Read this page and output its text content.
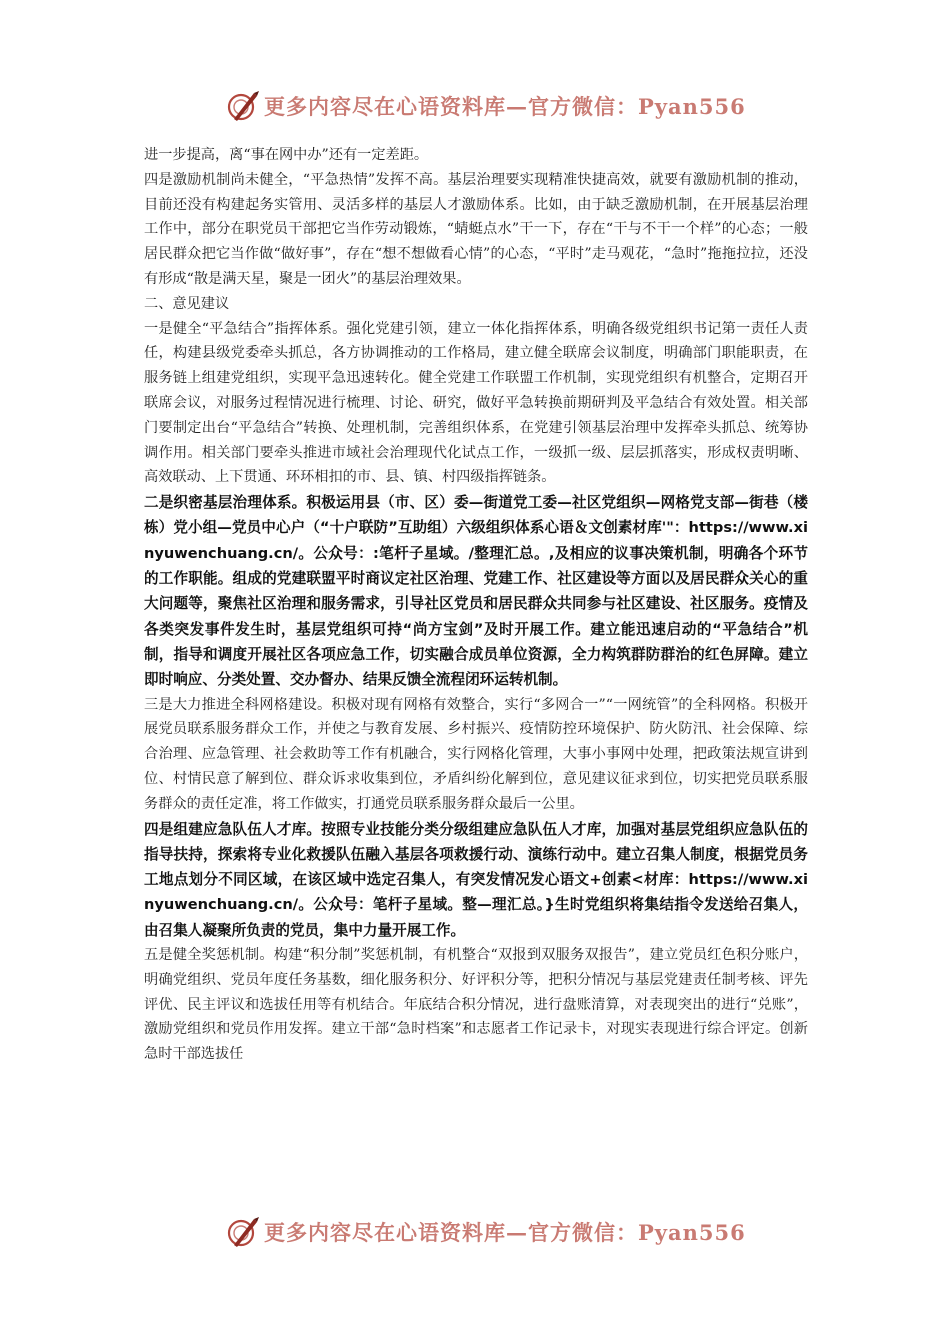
更多内容尽在心语资料库—官方微信：Pyan556

进一步提高，离“事在网中办”还有一定差距。

四是激励机制尚未健全，“平急热情”发挥不高。基层治理要实现精准快捷高效，就要有激励机制的推动，目前还没有构建起务实管用、灵活多样的基层人才激励体系。比如，由于缺乏激励机制，在开展基层治理工作中，部分在职党员干部把它当作劳动锻炼，“蜻蜓点水”干一下，存在“干与不干一个样”的心态；一般居民群众把它当作做“做好事”，存在“想不想做看心情”的心态，“平时”走马观花，“急时”拖拖拉拉，还没有形成“散是满天星，聚是一团火”的基层治理效果。

二、意见建议

一是健全“平急结合”指挥体系。强化党建引领，建立一体化指挥体系，明确各级党组织书记第一责任人责任，构建县级党委牵头抓总，各方协调推动的工作格局，建立健全联席会议制度，明确部门职能职责，在服务链上组建党组织，实现平急迅速转化。健全党建工作联盟工作机制，实现党组织有机整合，定期召开联席会议，对服务过程情况进行梳理、讨论、研究，做好平急转换前期研判及平急结合有效处置。相关部门要制定出台“平急结合”转换、处理机制，完善组织体系，在党建引领基层治理中发挥牵头抓总、统筹协调作用。相关部门要牵头推进市域社会治理现代化试点工作，一级抓一级、层层抓落实，形成权责明晰、高效联动、上下贯通、环环相扣的市、县、镇、村四级指挥链条。

二是织密基层治理体系。积极运用县（市、区）委—街道党工委—社区党组织—网格党支部—街巷（楼栋）党小组—党员中心户（“十户联防”互助组）六级组织体系心语＆文创素材库'"：https://www.xinyuwenchuang.cn/。公众号：:笔杆子星域。/整理汇总。,及相应的议事决策机制，明确各个环节的工作职能。组成的党建联盟平时商议定社区治理、党建工作、社区建设等方面以及居民群众关心的重大问题等，聚焦社区治理和服务需求，引导社区党员和居民群众共同参与社区建设、社区服务。疫情及各类突发事件发生时，基层党组织可持“尚方宝剑”及时开展工作。建立能迅速启动的“平急结合”机制，指导和调度开展社区各项应急工作，切实融合成员单位资源，全力构筑群防群治的红色屏障。建立即时响应、分类处置、交办督办、结果反馈全流程闭环运转机制。

三是大力推进全科网格建设。积极对现有网格有效整合，实行“多网合一”“一网统管”的全科网格。积极开展党员联系服务群众工作，并使之与教育发展、乡村振兴、疫情防控环境保护、防火防汛、社会保障、综合治理、应急管理、社会救助等工作有机融合，实行网格化管理，大事小事网中处理，把政策法规宣讲到位、村情民意了解到位、群众诉求收集到位，矛盾纠纷化解到位，意见建议征求到位，切实把党员联系服务群众的责任定准，将工作做实，打通党员联系服务群众最后一公里。

四是组建应急队伍人才库。按照专业技能分类分级组建应急队伍人才库，加强对基层党组织应急队伍的指导扶持，探索将专业化救援队伍融入基层各项救援行动、演练行动中。建立召集人制度，根据党员务工地点划分不同区域，在该区域中选定召集人，有突发情况发心语文+创素<材库：https://www.xinyuwenchuang.cn/。公众号：笔杆子星域。整—理汇总。}生时党组织将集结指令发送给召集人，由召集人凝聚所负责的党员，集中力量开展工作。

五是健全奖惩机制。构建“积分制”奖惩机制，有机整合“双报到双服务双报告”，建立党员红色积分账户，明确党组织、党员年度任务基数，细化服务积分、好评积分等，把积分情况与基层党建责任制考核、评先评优、民主评议和选拔任用等有机结合。年底结合积分情况，进行盘账清算，对表现突出的进行“兑账”，激励党组织和党员作用发挥。建立干部“急时档案”和志愿者工作记录卡，对现实表现进行综合评定。创新急时干部选拔任

更多内容尽在心语资料库—官方微信：Pyan556
